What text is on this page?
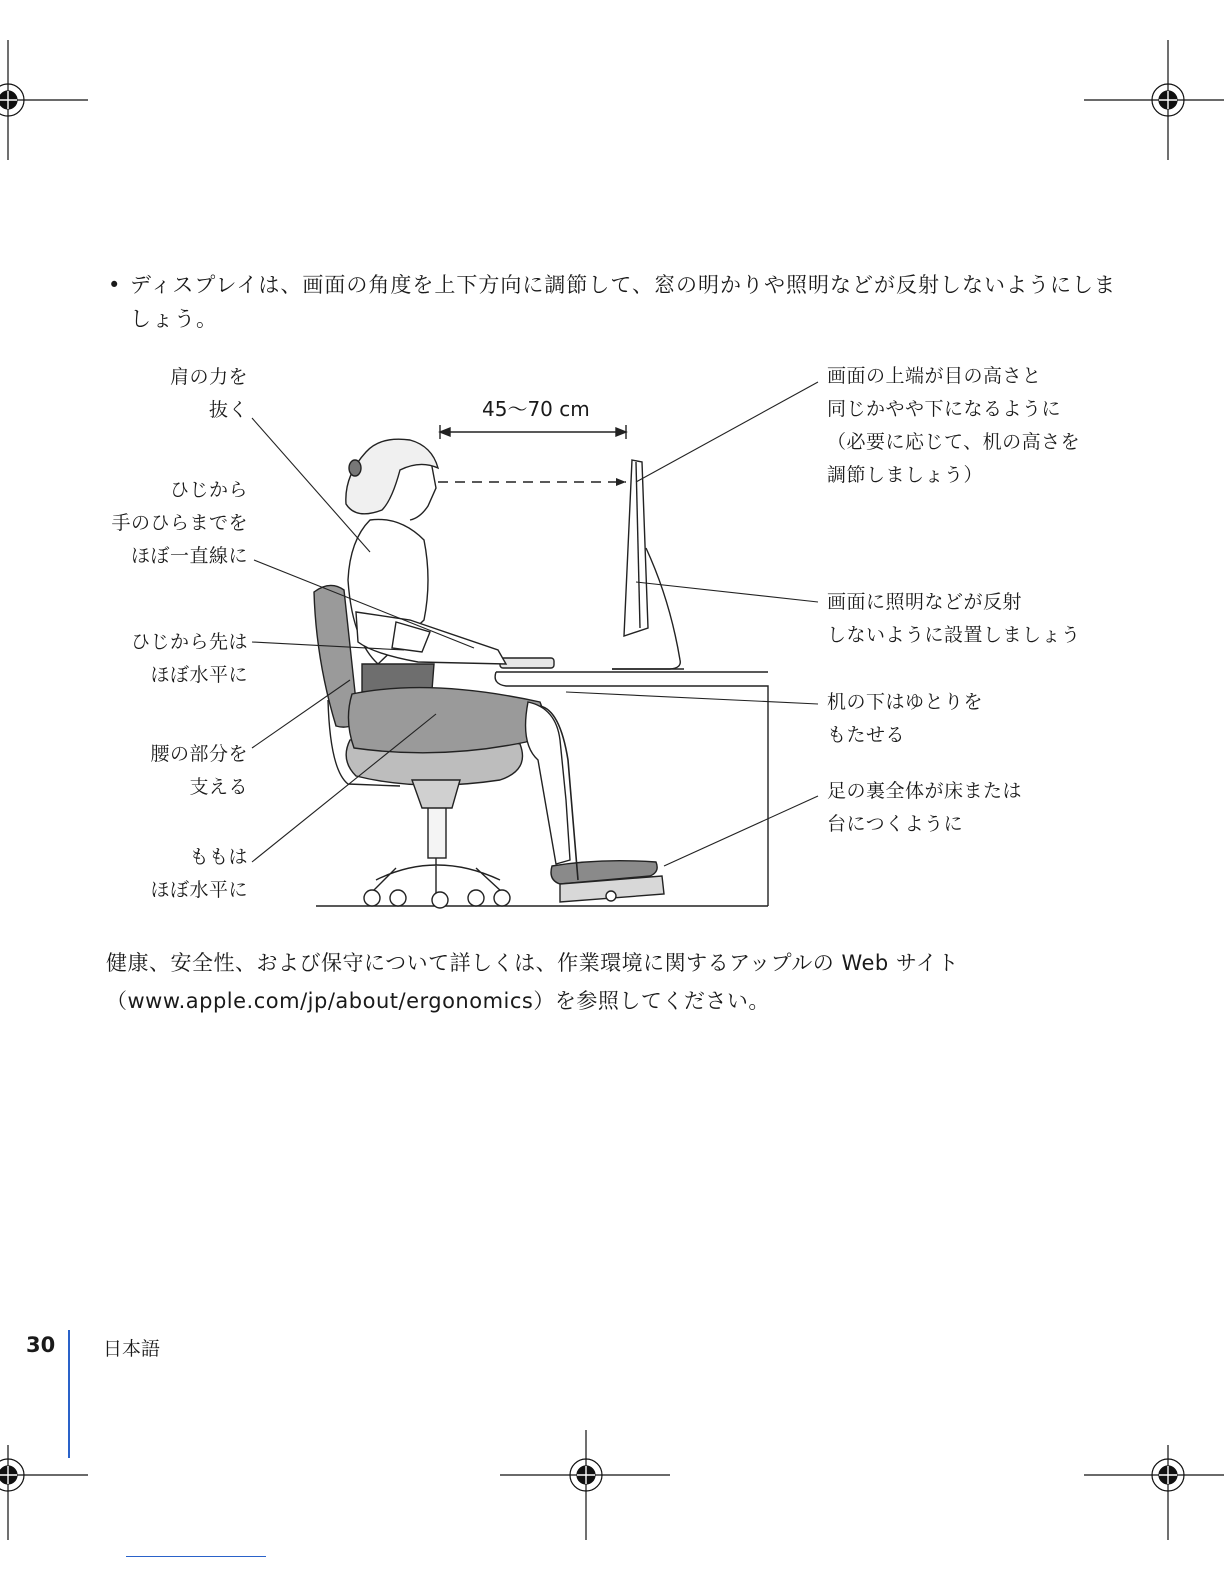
• ディスプレイは、画面の角度を上下方向に調節して、窓の明かりや照明などが反射しないようにしましょう。
45〜70 cm
肩の力を
抜く
ひじから
手のひらまでを
ほぼ一直線に
ひじから先は
ほぼ水平に
腰の部分を
支える
ももは
ほぼ水平に
画面の上端が目の高さと
同じかやや下になるように
（必要に応じて、机の高さを
調節しましょう）
画面に照明などが反射
しないように設置しましょう
机の下はゆとりを
もたせる
足の裏全体が床または
台につくように
健康、安全性、および保守について詳しくは、作業環境に関するアップルの Web サイト
（www.apple.com/jp/about/ergonomics）を参照してください。
30	日本語
